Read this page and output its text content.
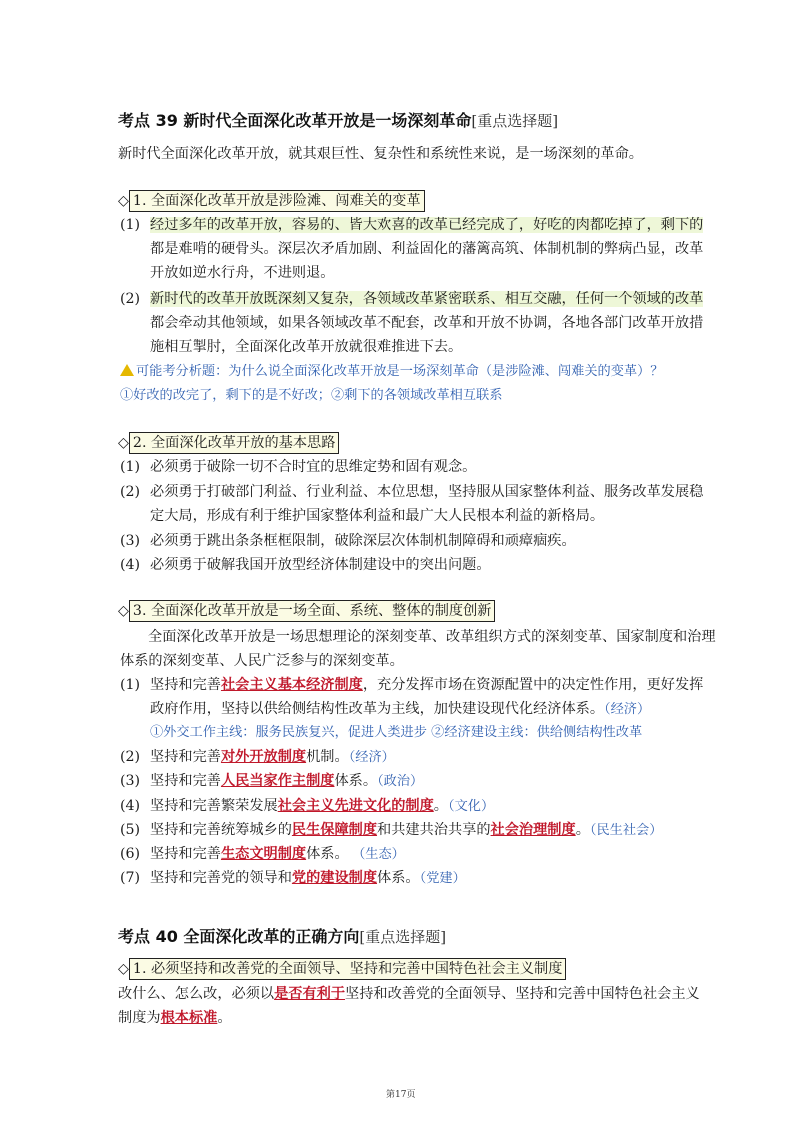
考点 39 新时代全面深化改革开放是一场深刻革命[重点选择题]
新时代全面深化改革开放，就其艰巨性、复杂性和系统性来说，是一场深刻的革命。
◇ 1. 全面深化改革开放是涉险滩、闯难关的变革
(1) 经过多年的改革开放，容易的、皆大欢喜的改革已经完成了，好吃的肉都吃掉了，剩下的
都是难啃的硬骨头。深层次矛盾加剧、利益固化的藩篱高筑、体制机制的弊病凸显，改革
开放如逆水行舟，不进则退。
(2) 新时代的改革开放既深刻又复杂，各领域改革紧密联系、相互交融，任何一个领域的改革
都会牵动其他领域，如果各领域改革不配套，改革和开放不协调，各地各部门改革开放措
施相互掣肘，全面深化改革开放就很难推进下去。
可能考分析题：为什么说全面深化改革开放是一场深刻革命（是涉险滩、闯难关的变革）？
①好改的改完了，剩下的是不好改；②剩下的各领域改革相互联系
◇ 2. 全面深化改革开放的基本思路
(1) 必须勇于破除一切不合时宜的思维定势和固有观念。
(2) 必须勇于打破部门利益、行业利益、本位思想，坚持服从国家整体利益、服务改革发展稳
定大局，形成有利于维护国家整体利益和最广大人民根本利益的新格局。
(3) 必须勇于跳出条条框框限制，破除深层次体制机制障碍和顽瘴痼疾。
(4) 必须勇于破解我国开放型经济体制建设中的突出问题。
◇ 3. 全面深化改革开放是一场全面、系统、整体的制度创新
全面深化改革开放是一场思想理论的深刻变革、改革组织方式的深刻变革、国家制度和治理
体系的深刻变革、人民广泛参与的深刻变革。
(1) 坚持和完善社会主义基本经济制度，充分发挥市场在资源配置中的决定性作用，更好发挥
政府作用，坚持以供给侧结构性改革为主线，加快建设现代化经济体系。（经济）
①外交工作主线：服务民族复兴，促进人类进步 ②经济建设主线：供给侧结构性改革
(2) 坚持和完善对外开放制度机制。（经济）
(3) 坚持和完善人民当家作主制度体系。（政治）
(4) 坚持和完善繁荣发展社会主义先进文化的制度。（文化）
(5) 坚持和完善统筹城乡的民生保障制度和共建共治共享的社会治理制度。（民生社会）
(6) 坚持和完善生态文明制度体系。 （生态）
(7) 坚持和完善党的领导和党的建设制度体系。（党建）
考点 40 全面深化改革的正确方向[重点选择题]
◇ 1. 必须坚持和改善党的全面领导、坚持和完善中国特色社会主义制度
改什么、怎么改，必须以是否有利于坚持和改善党的全面领导、坚持和完善中国特色社会主义
制度为根本标准。
第17页
